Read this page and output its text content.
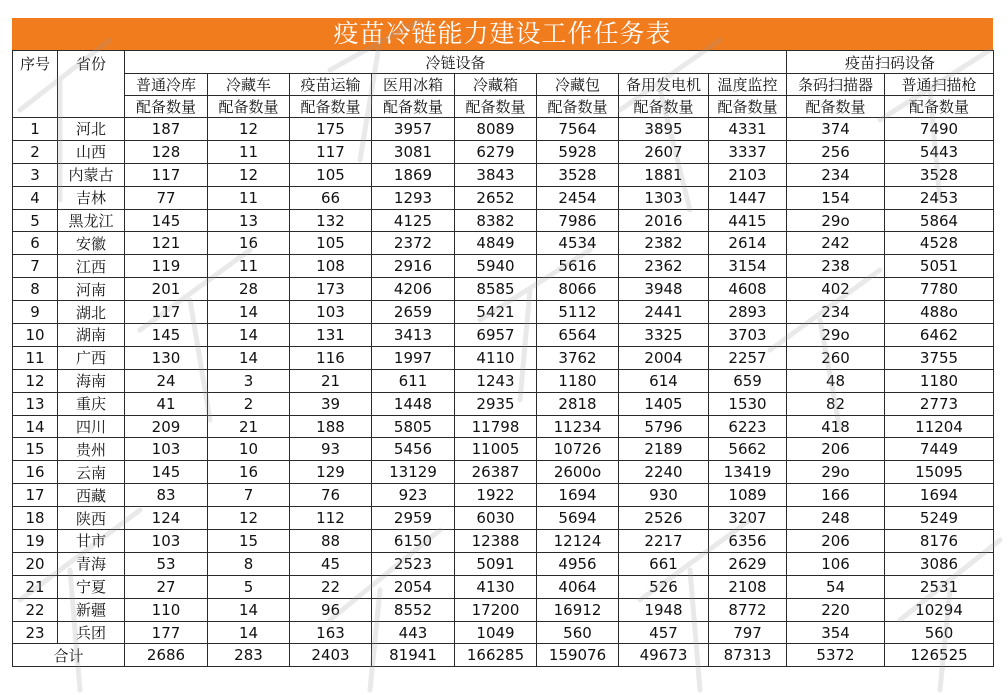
疫苗冷链能力建设工作任务表
序号	省份	冷链设备								疫苗扫码设备	
		普通冷库	冷藏车	疫苗运输	医用冰箱	冷藏箱	冷藏包	备用发电机	温度监控	条码扫描器	普通扫描枪
		配备数量	配备数量	配备数量	配备数量	配备数量	配备数量	配备数量	配备数量	配备数量	配备数量
1	河北	187	12	175	3957	8089	7564	3895	4331	374	7490
2	山西	128	11	117	3081	6279	5928	2607	3337	256	5443
3	内蒙古	117	12	105	1869	3843	3528	1881	2103	234	3528
4	吉林	77	11	66	1293	2652	2454	1303	1447	154	2453
5	黑龙江	145	13	132	4125	8382	7986	2016	4415	29o	5864
6	安徽	121	16	105	2372	4849	4534	2382	2614	242	4528
7	江西	119	11	108	2916	5940	5616	2362	3154	238	5051
8	河南	201	28	173	4206	8585	8066	3948	4608	402	7780
9	湖北	117	14	103	2659	5421	5112	2441	2893	234	488o
10	湖南	145	14	131	3413	6957	6564	3325	3703	29o	6462
11	广西	130	14	116	1997	4110	3762	2004	2257	260	3755
12	海南	24	3	21	611	1243	1180	614	659	48	1180
13	重庆	41	2	39	1448	2935	2818	1405	1530	82	2773
14	四川	209	21	188	5805	11798	11234	5796	6223	418	11204
15	贵州	103	10	93	5456	11005	10726	2189	5662	206	7449
16	云南	145	16	129	13129	26387	2600o	2240	13419	29o	15095
17	西藏	83	7	76	923	1922	1694	930	1089	166	1694
18	陕西	124	12	112	2959	6030	5694	2526	3207	248	5249
19	甘市	103	15	88	6150	12388	12124	2217	6356	206	8176
20	青海	53	8	45	2523	5091	4956	661	2629	106	3086
21	宁夏	27	5	22	2054	4130	4064	526	2108	54	2531
22	新疆	110	14	96	8552	17200	16912	1948	8772	220	10294
23	兵团	177	14	163	443	1049	560	457	797	354	560
合计		2686	283	2403	81941	166285	159076	49673	87313	5372	126525
